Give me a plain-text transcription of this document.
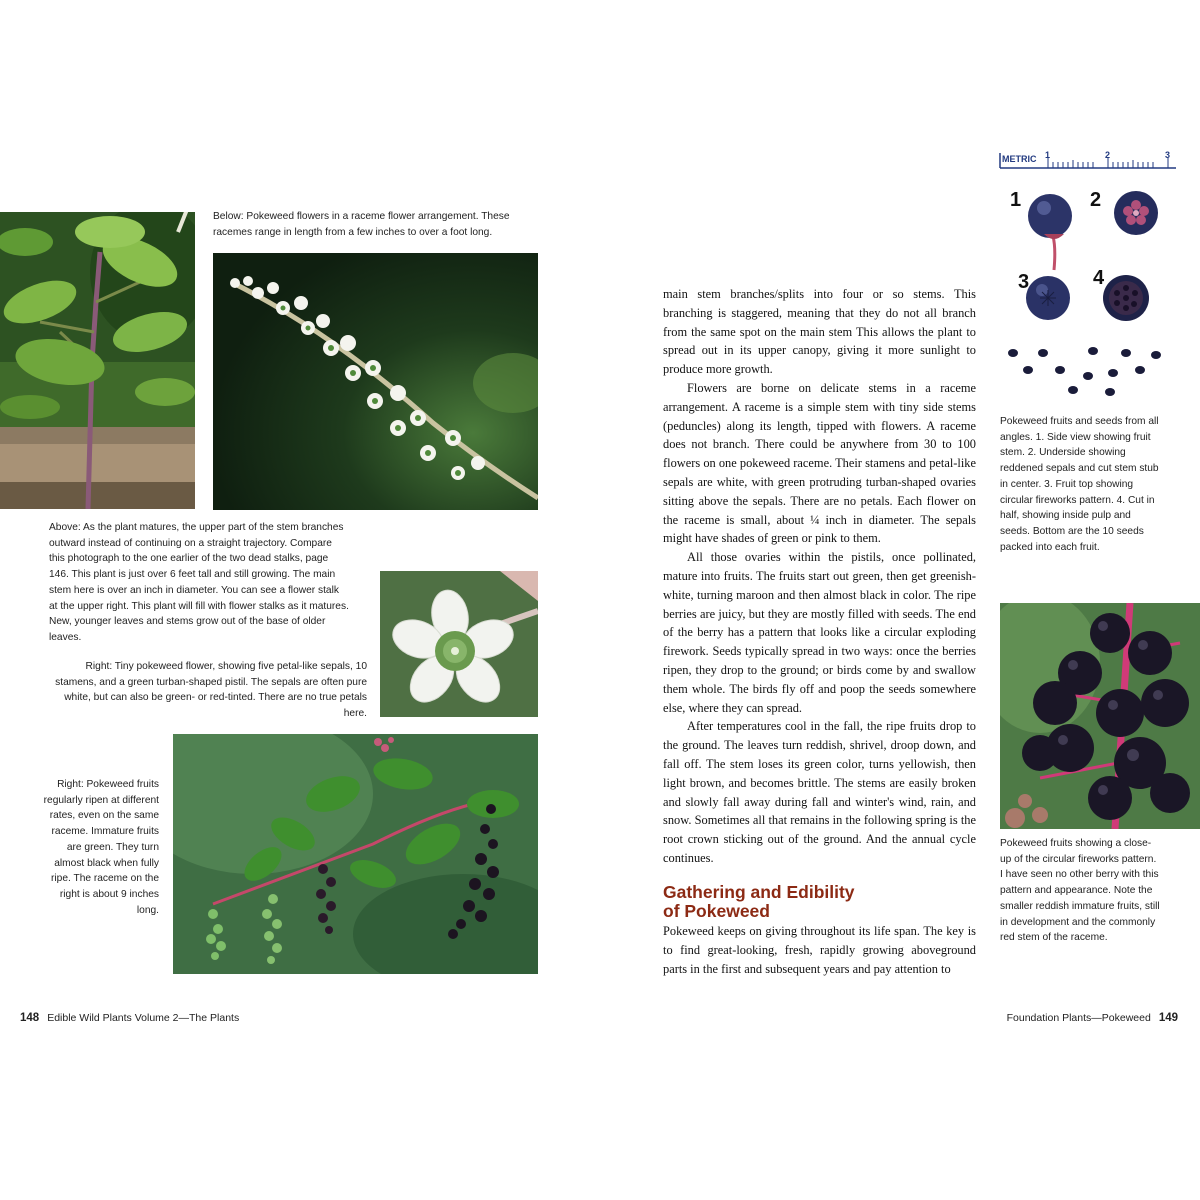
Below: Pokeweed flowers in a raceme flower arrangement. These racemes range in length from a few inches to over a foot long.
Above: As the plant matures, the upper part of the stem branches outward instead of continuing on a straight trajectory. Compare this photograph to the one earlier of the two dead stalks, page 146. This plant is just over 6 feet tall and still growing. The main stem here is over an inch in diameter. You can see a flower stalk at the upper right. This plant will fill with flower stalks as it matures. New, younger leaves and stems grow out of the base of older leaves.
Right: Tiny pokeweed flower, showing five petal-like sepals, 10 stamens, and a green turban-shaped pistil. The sepals are often pure white, but can also be green- or red-tinted. There are no true petals here.
Right: Pokeweed fruits regularly ripen at different rates, even on the same raceme. Immature fruits are green. They turn almost black when fully ripe. The raceme on the right is about 9 inches long.
148 Edible Wild Plants Volume 2—The Plants

main stem branches/splits into four or so stems. This branching is staggered, meaning that they do not all branch from the same spot on the main stem This allows the plant to spread out in its upper canopy, giving it more sunlight to produce more growth.

Flowers are borne on delicate stems in a raceme arrangement. A raceme is a simple stem with tiny side stems (peduncles) along its length, tipped with flowers. A raceme does not branch. There could be anywhere from 30 to 100 flowers on one pokeweed raceme. Their stamens and petal-like sepals are white, with green protruding turban-shaped ovaries sitting above the sepals. There are no petals. Each flower on the raceme is small, about ¼ inch in diameter. The sepals might have shades of green or pink to them.

All those ovaries within the pistils, once pollinated, mature into fruits. The fruits start out green, then get greenish-white, turning maroon and then almost black in color. The ripe berries are juicy, but they are mostly filled with seeds. The end of the berry has a pattern that looks like a circular exploding firework. Seeds typically spread in two ways: once the berries ripen, they drop to the ground; or birds come by and swallow them whole. The birds fly off and poop the seeds somewhere else, where they can spread.

After temperatures cool in the fall, the ripe fruits drop to the ground. The leaves turn reddish, shrivel, droop down, and fall off. The stem loses its green color, turns yellowish, then light brown, and becomes brittle. The stems are easily broken and slowly fall away during fall and winter's wind, rain, and snow. Sometimes all that remains in the following spring is the root crown sticking out of the ground. And the annual cycle continues.

Gathering and Edibility
of Pokeweed

Pokeweed keeps on giving throughout its life span. The key is to find great-looking, fresh, rapidly growing aboveground parts in the first and subsequent years and pay attention to

METRIC 1	2	3
1	2
3	4
Pokeweed fruits and seeds from all angles. 1. Side view showing fruit stem. 2. Underside showing reddened sepals and cut stem stub in center. 3. Fruit top showing circular fireworks pattern. 4. Cut in half, showing inside pulp and seeds. Bottom are the 10 seeds packed into each fruit.
Pokeweed fruits showing a close-up of the circular fireworks pattern. I have seen no other berry with this pattern and appearance. Note the smaller reddish immature fruits, still in development and the commonly red stem of the raceme.
Foundation Plants—Pokeweed 149
